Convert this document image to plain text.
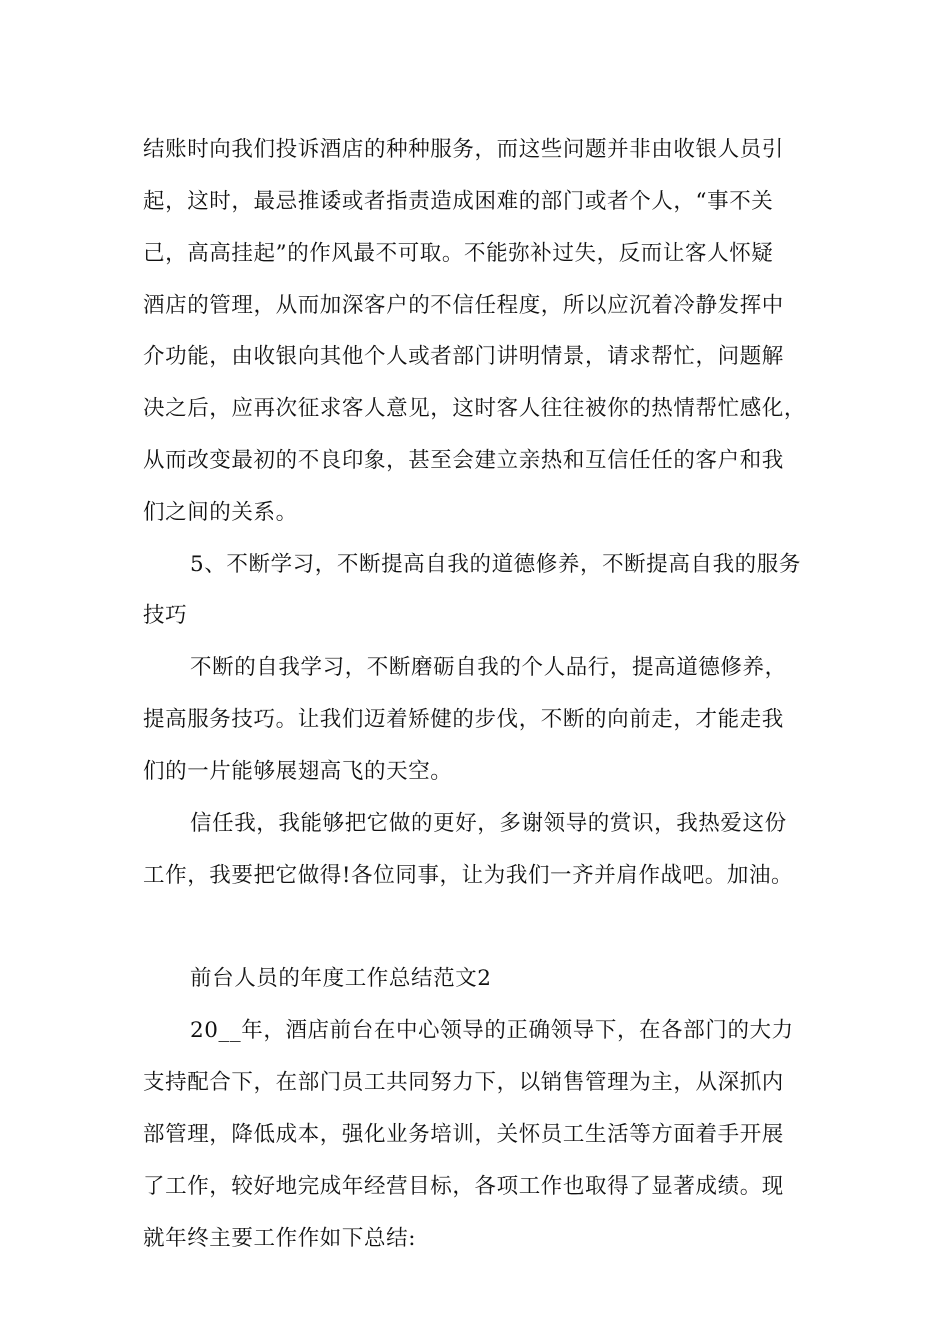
结账时向我们投诉酒店的种种服务，而这些问题并非由收银人员引
起，这时，最忌推诿或者指责造成困难的部门或者个人，“事不关
己，高高挂起”的作风最不可取。不能弥补过失，反而让客人怀疑
酒店的管理，从而加深客户的不信任程度，所以应沉着冷静发挥中
介功能，由收银向其他个人或者部门讲明情景，请求帮忙，问题解
决之后，应再次征求客人意见，这时客人往往被你的热情帮忙感化，
从而改变最初的不良印象，甚至会建立亲热和互信任任的客户和我
们之间的关系。
5、不断学习，不断提高自我的道德修养，不断提高自我的服务
技巧
不断的自我学习，不断磨砺自我的个人品行，提高道德修养，
提高服务技巧。让我们迈着矫健的步伐，不断的向前走，才能走我
们的一片能够展翅高飞的天空。
信任我，我能够把它做的更好，多谢领导的赏识，我热爱这份
工作，我要把它做得!各位同事，让为我们一齐并肩作战吧。加油。
前台人员的年度工作总结范文2
20__年，酒店前台在中心领导的正确领导下，在各部门的大力
支持配合下，在部门员工共同努力下，以销售管理为主，从深抓内
部管理，降低成本，强化业务培训，关怀员工生活等方面着手开展
了工作，较好地完成年经营目标，各项工作也取得了显著成绩。现
就年终主要工作作如下总结:
